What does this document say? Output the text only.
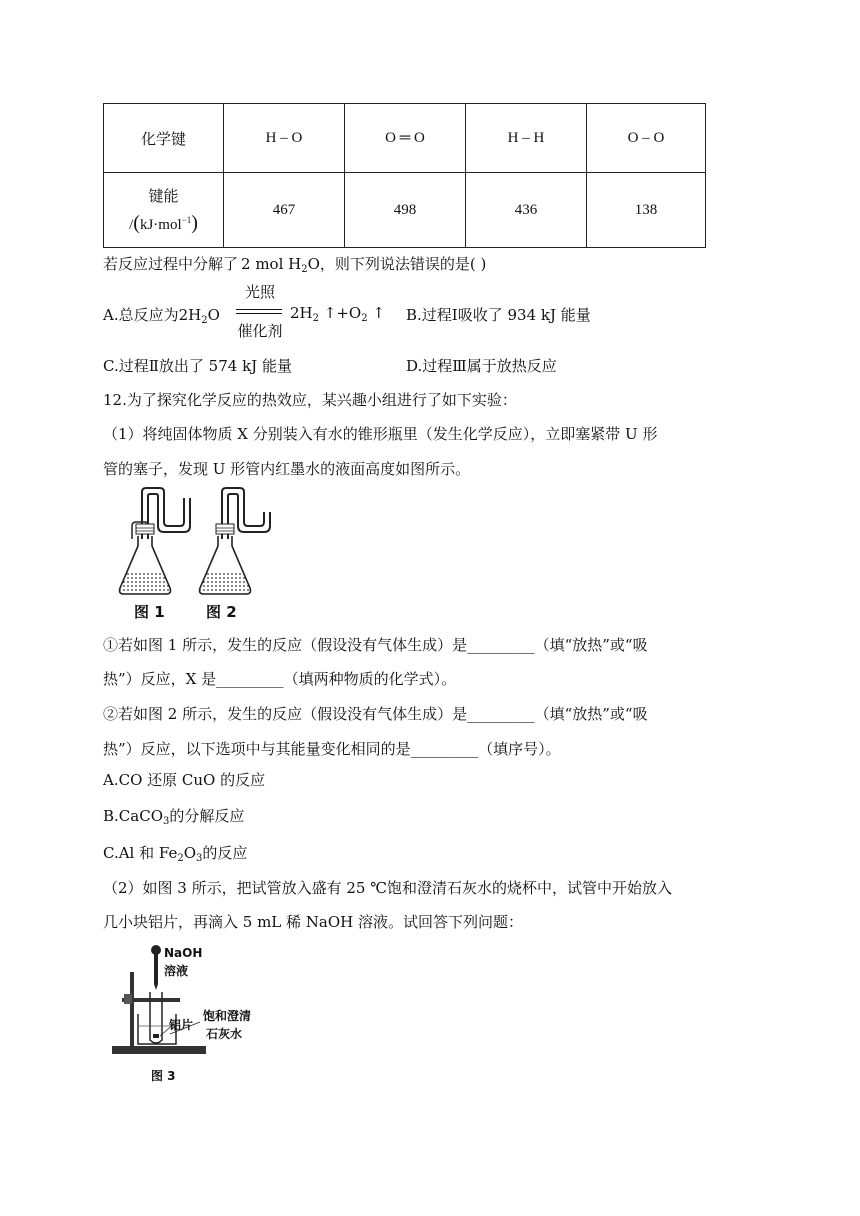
化学键	H – O	O ═ O	H – H	O – O

键能
/(kJ·mol$^{-1}$)	467	498	436	138
若反应过程中分解了 2 mol $H_2O$，则下列说法错误的是( )
A.总反应为$2H_2O$
光照
催化剂
$2H_2$ $↑+O_2$ ↑ B.过程Ⅰ吸收了 934 kJ 能量
C.过程Ⅱ放出了 574 kJ 能量	D.过程Ⅲ属于放热反应
12.为了探究化学反应的热效应，某兴趣小组进行了如下实验：
（1）将纯固体物质 X 分别装入有水的锥形瓶里（发生化学反应），立即塞紧带 U 形
管的塞子，发现 U 形管内红墨水的液面高度如图所示。
图 1	图 2
①若如图 1 所示，发生的反应（假设没有气体生成）是_________（填“放热”或“吸
热”）反应，X 是_________（填两种物质的化学式）。
②若如图 2 所示，发生的反应（假设没有气体生成）是_________（填“放热”或“吸
热”）反应，以下选项中与其能量变化相同的是_________（填序号）。
A.CO 还原 CuO 的反应
B.CaCO$_3$的分解反应
C.Al 和 $Fe_2O_3$的反应
（2）如图 3 所示，把试管放入盛有 25 ℃饱和澄清石灰水的烧杯中，试管中开始放入
几小块铝片，再滴入 5 mL 稀 NaOH 溶液。试回答下列问题：
NaOH
溶液
铝片
饱和澄清
石灰水
图 3
